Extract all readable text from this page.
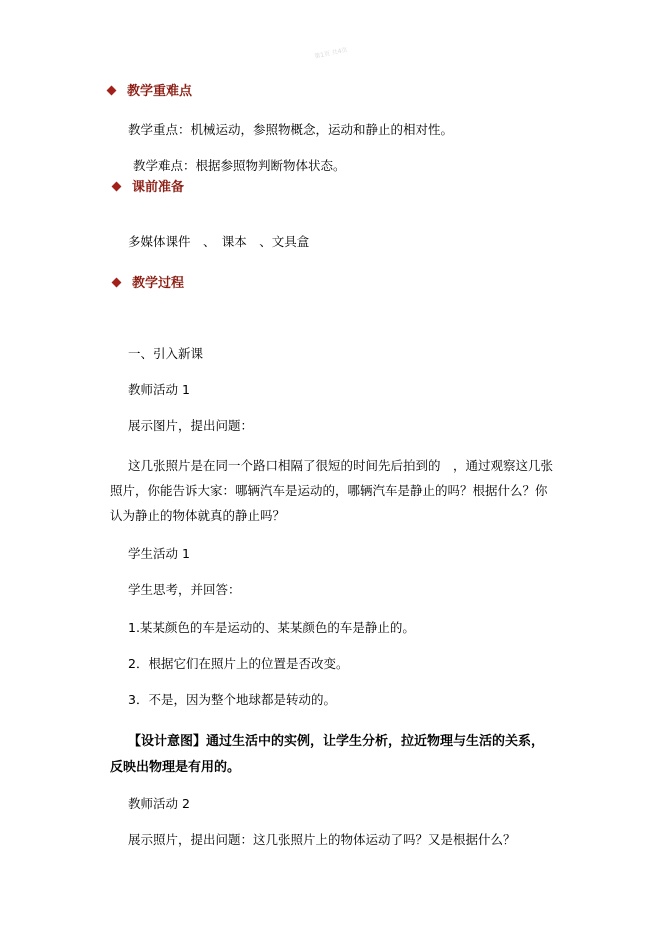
第1页 共4页
教学重难点
教学重点：机械运动，参照物概念，运动和静止的相对性。
教学难点：根据参照物判断物体状态。
课前准备
多媒体课件　、　课本　、文具盒
教学过程
一、引入新课
教师活动 1
展示图片，提出问题：
这几张照片是在同一个路口相隔了很短的时间先后拍到的　，通过观察这几张
照片，你能告诉大家：哪辆汽车是运动的，哪辆汽车是静止的吗？根据什么？你
认为静止的物体就真的静止吗？
学生活动 1
学生思考，并回答：
1.某某颜色的车是运动的、某某颜色的车是静止的。
2．根据它们在照片上的位置是否改变。
3．不是，因为整个地球都是转动的。
【设计意图】通过生活中的实例，让学生分析，拉近物理与生活的关系，
反映出物理是有用的。
教师活动 2
展示照片，提出问题：这几张照片上的物体运动了吗？又是根据什么？
